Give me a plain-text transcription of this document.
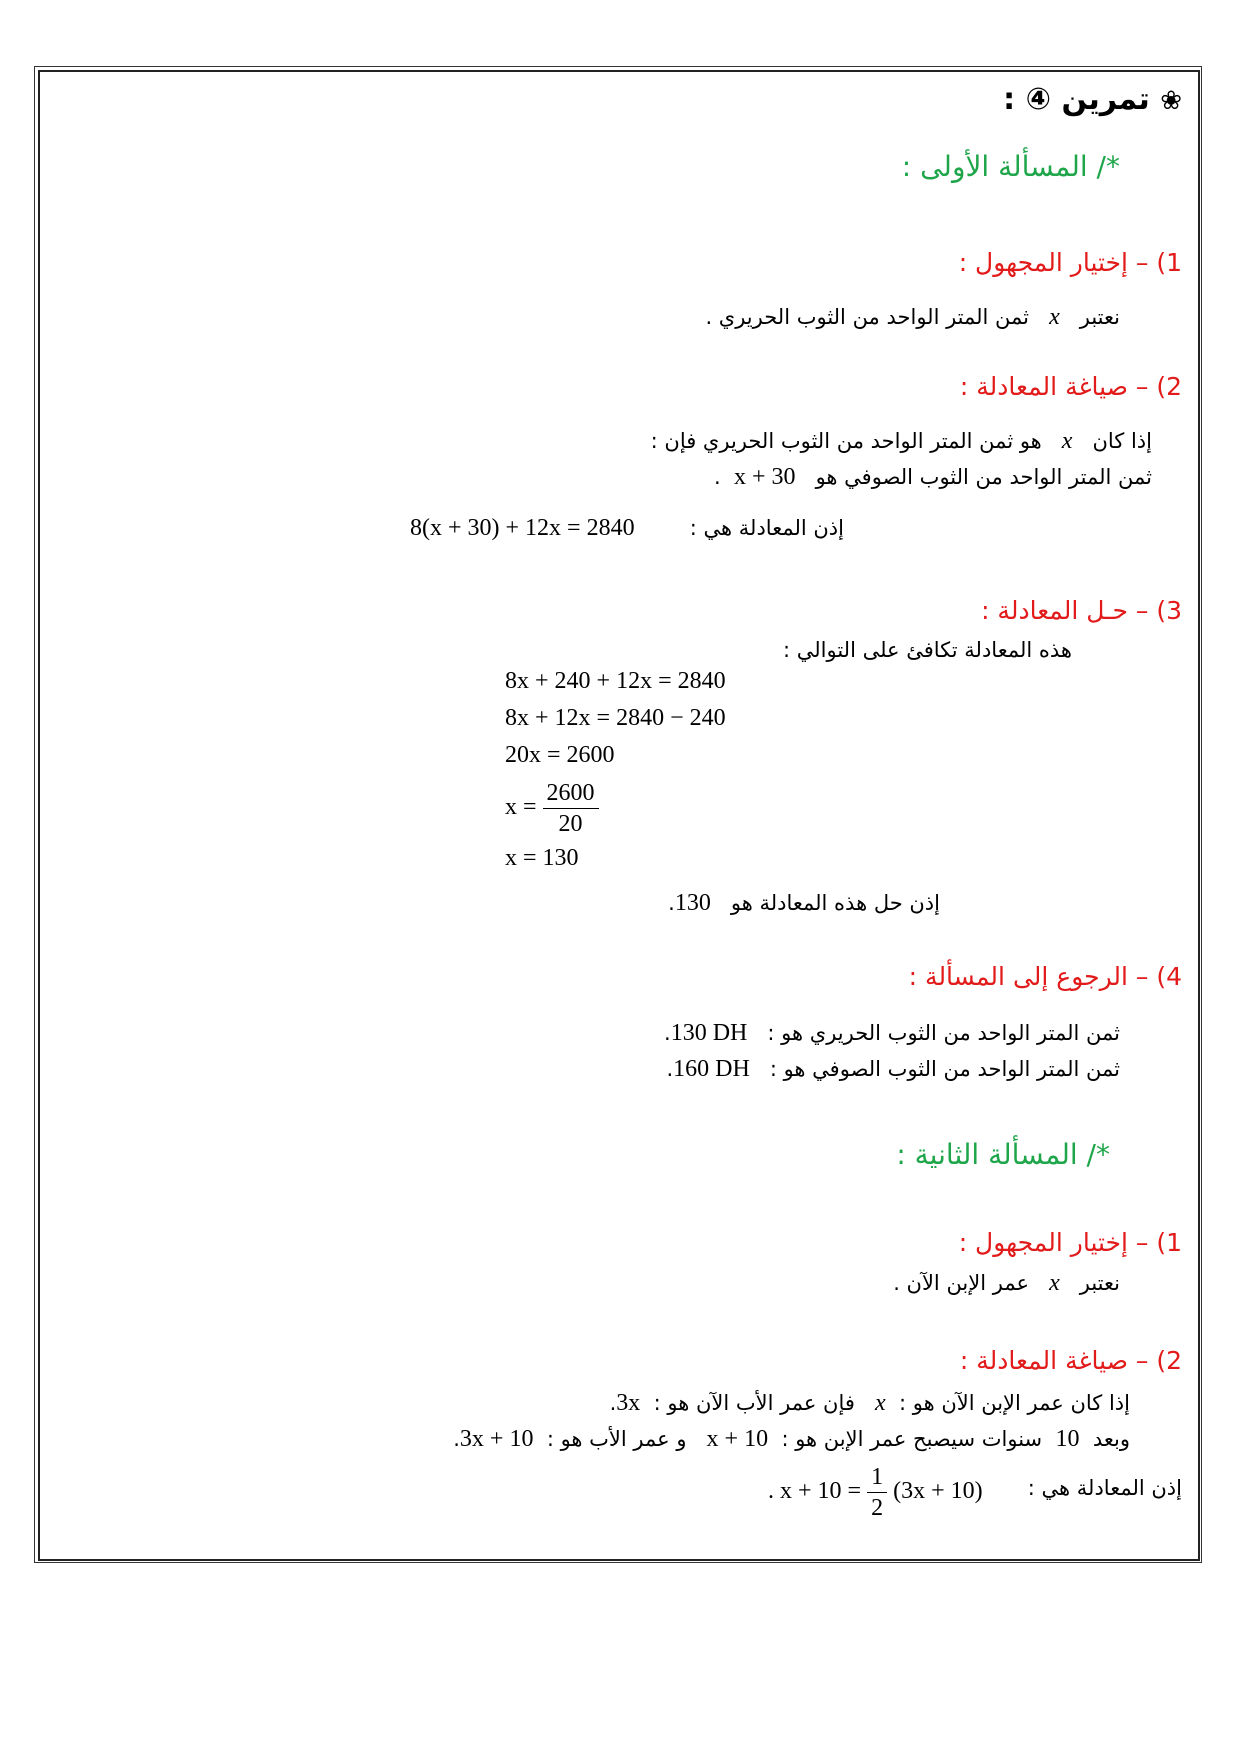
❀ تمرين ④ :
*/ المسألة الأولى :
1) – إختيار المجهول :
نعتبر   x   ثمن المتر الواحد من الثوب الحريري .
2) – صياغة المعادلة :
إذا كان   x   هو ثمن المتر الواحد من الثوب الحريري فإن :
ثمن المتر الواحد من الثوب الصوفي هو   x + 30  .
إذن المعادلة هي :
8(x + 30) + 12x = 2840
3) – حـل المعادلة :
هذه المعادلة تكافئ على التوالي :
8x + 240 + 12x = 2840
8x + 12x = 2840 − 240
20x = 2600
$x = \frac{2600}{20}$
x = 130
إذن حل هذه المعادلة هو   130.
4) – الرجوع إلى المسألة :
ثمن المتر الواحد من الثوب الحريري هو :   130 DH.
ثمن المتر الواحد من الثوب الصوفي هو :   160 DH.
*/ المسألة الثانية :
1) – إختيار المجهول :
نعتبر   x   عمر الإبن الآن .
2) – صياغة المعادلة :
إذا كان عمر الإبن الآن هو :  x   فإن عمر الأب الآن هو :  3x.
وبعد  10  سنوات سيصبح عمر الإبن هو :  x + 10   و عمر الأب هو :  3x + 10.
إذن المعادلة هي :
. $x + 10 = \frac{1}{2} (3x + 10)$
